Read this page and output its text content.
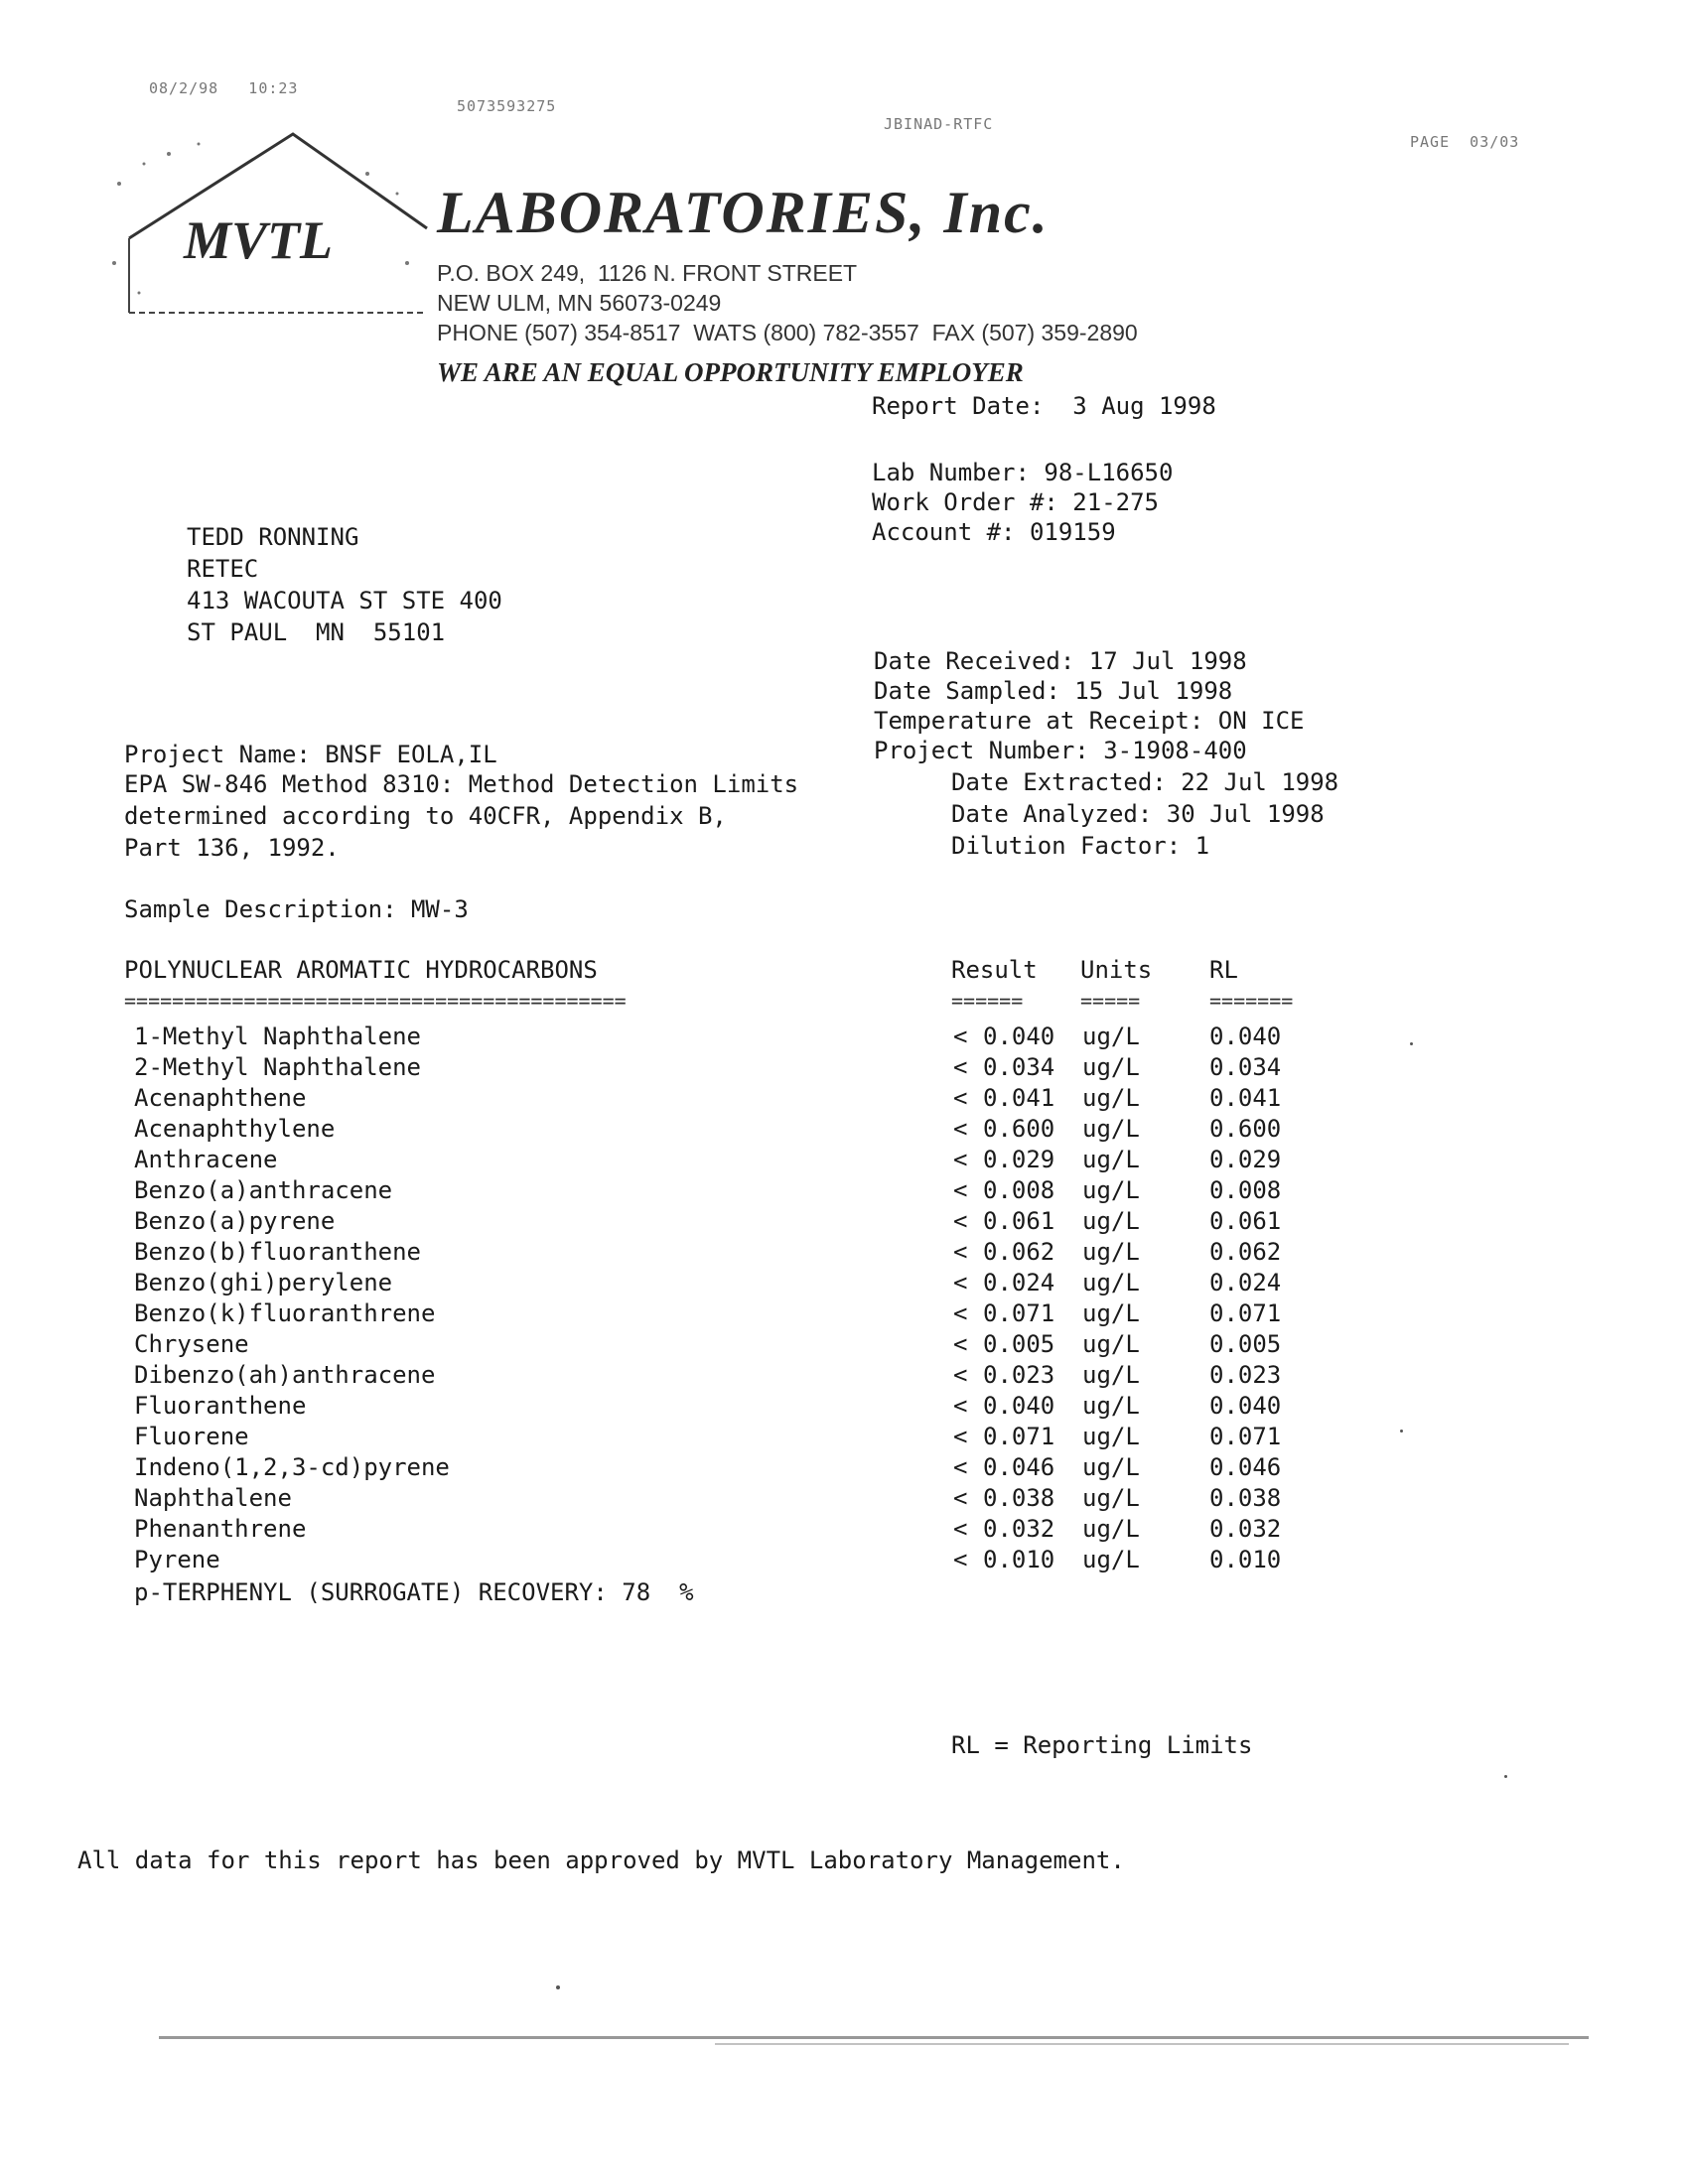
08/2/98   10:23

5073593275

JBINAD-RTFC

PAGE  03/03

MVTL LABORATORIES, Inc.
P.O. BOX 249,  1126 N. FRONT STREET
NEW ULM, MN 56073-0249
PHONE (507) 354-8517  WATS (800) 782-3557  FAX (507) 359-2890
WE ARE AN EQUAL OPPORTUNITY EMPLOYER
Report Date:  3 Aug 1998
Lab Number: 98-L16650
Work Order #: 21-275
Account #: 019159
TEDD RONNING
RETEC
413 WACOUTA ST STE 400
ST PAUL  MN  55101
Date Received: 17 Jul 1998
Date Sampled: 15 Jul 1998
Temperature at Receipt: ON ICE
Project Number: 3-1908-400
Date Extracted: 22 Jul 1998
Date Analyzed: 30 Jul 1998
Dilution Factor: 1
Project Name: BNSF EOLA,IL
EPA SW-846 Method 8310: Method Detection Limits
determined according to 40CFR, Appendix B,
Part 136, 1992.
Sample Description: MW-3
POLYNUCLEAR AROMATIC HYDROCARBONS
==========================================
Result Units RL
======	=====	=======
1-Methyl Naphthalene	< 0.040 ug/L	0.040
2-Methyl Naphthalene	< 0.034 ug/L	0.034
Acenaphthene	< 0.041 ug/L	0.041
Acenaphthylene	< 0.600 ug/L	0.600
Anthracene	< 0.029 ug/L	0.029
Benzo(a)anthracene	< 0.008 ug/L	0.008
Benzo(a)pyrene	< 0.061 ug/L	0.061
Benzo(b)fluoranthene	< 0.062 ug/L	0.062
Benzo(ghi)perylene	< 0.024 ug/L	0.024
Benzo(k)fluoranthrene	< 0.071 ug/L	0.071
Chrysene	< 0.005 ug/L	0.005
Dibenzo(ah)anthracene	< 0.023 ug/L	0.023
Fluoranthene	< 0.040 ug/L	0.040
Fluorene	< 0.071 ug/L	0.071
Indeno(1,2,3-cd)pyrene	< 0.046 ug/L	0.046
Naphthalene	< 0.038 ug/L	0.038
Phenanthrene	< 0.032 ug/L	0.032
Pyrene	< 0.010 ug/L	0.010
p-TERPHENYL (SURROGATE) RECOVERY: 78  %
RL = Reporting Limits
All data for this report has been approved by MVTL Laboratory Management.
